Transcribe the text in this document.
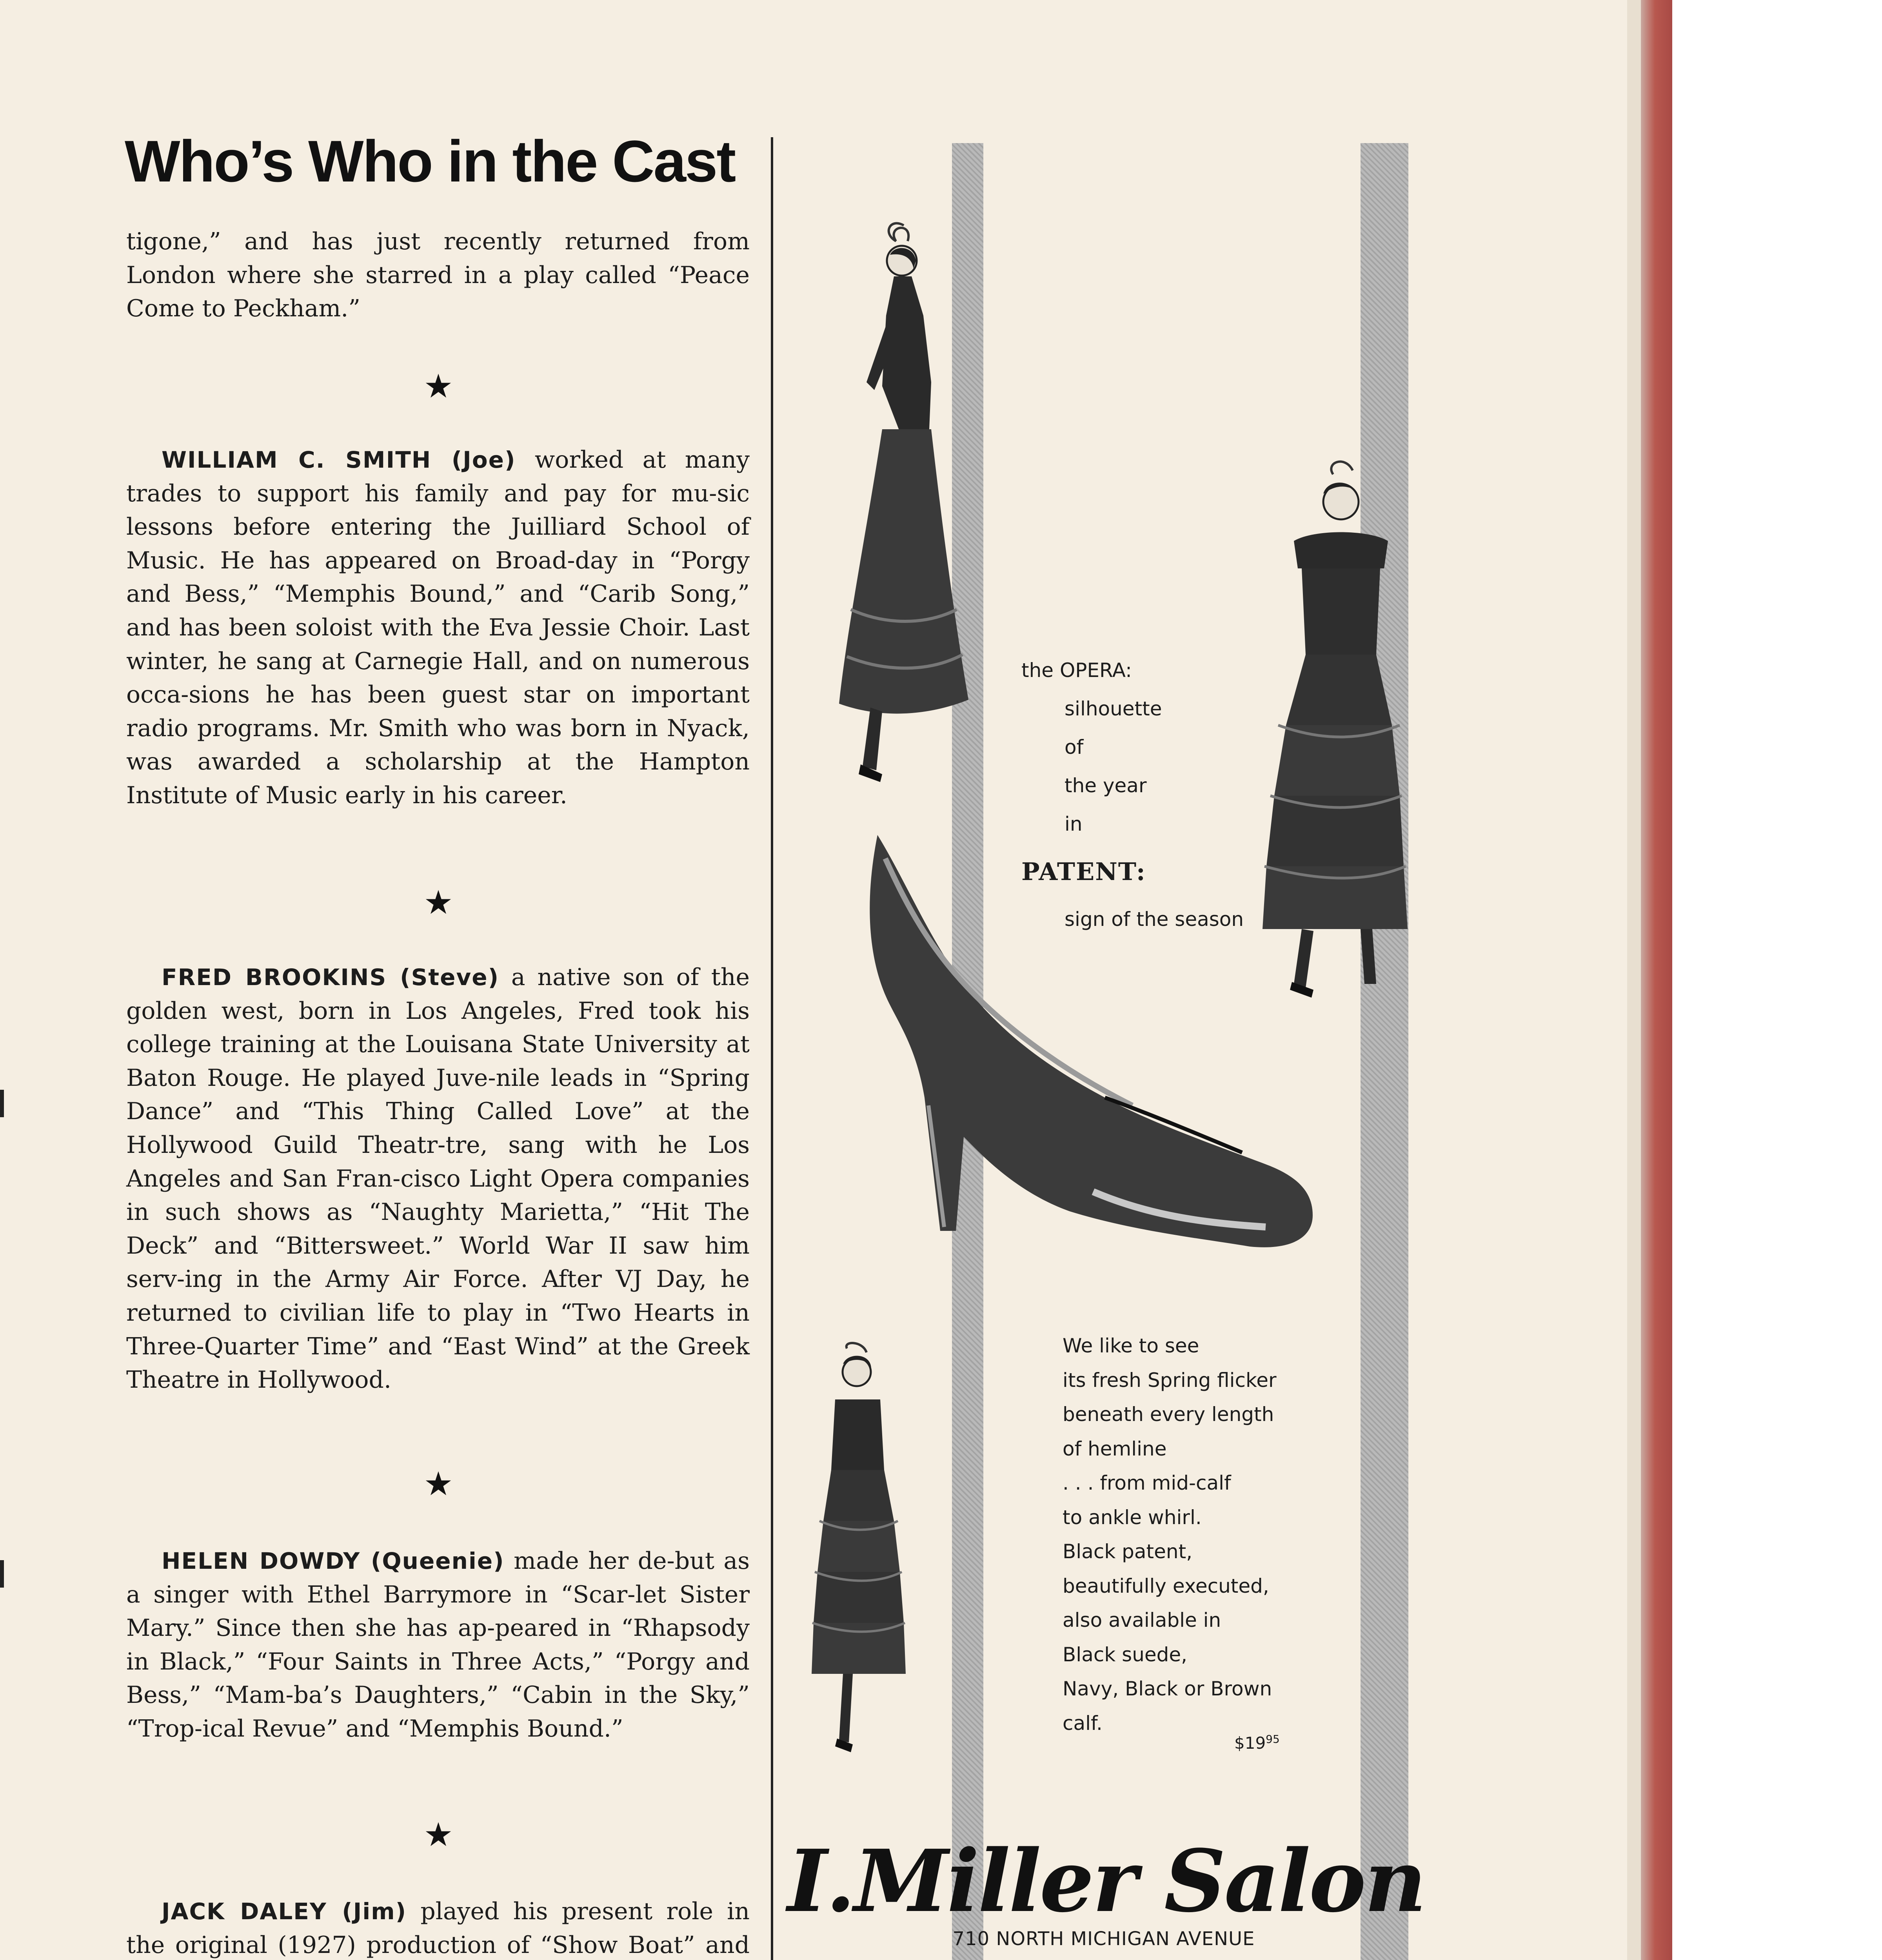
Who’s Who in the Cast

tigone,” and has just recently returned from London where she starred in a play called “Peace Come to Peckham.”

★

WILLIAM C. SMITH (Joe) worked at many trades to support his family and pay for mu-sic lessons before entering the Juilliard School of Music. He has appeared on Broad-day in “Porgy and Bess,” “Memphis Bound,” and “Carib Song,” and has been soloist with the Eva Jessie Choir. Last winter, he sang at Carnegie Hall, and on numerous occa-sions he has been guest star on important radio programs. Mr. Smith who was born in Nyack, was awarded a scholarship at the Hampton Institute of Music early in his career.

★

FRED BROOKINS (Steve) a native son of the golden west, born in Los Angeles, Fred took his college training at the Louisana State University at Baton Rouge. He played Juve-nile leads in “Spring Dance” and “This Thing Called Love” at the Hollywood Guild Theatr-tre, sang with he Los Angeles and San Fran-cisco Light Opera companies in such shows as “Naughty Marietta,” “Hit The Deck” and “Bittersweet.” World War II saw him serv-ing in the Army Air Force. After VJ Day, he returned to civilian life to play in “Two Hearts in Three-Quarter Time” and “East Wind” at the Greek Theatre in Hollywood.

★

HELEN DOWDY (Queenie) made her de-but as a singer with Ethel Barrymore in “Scar-let Sister Mary.” Since then she has ap-peared in “Rhapsody in Black,” “Four Saints in Three Acts,” “Porgy and Bess,” “Mam-ba’s Daughters,” “Cabin in the Sky,” “Trop-ical Revue” and “Memphis Bound.”

★

JACK DALEY (Jim) played his present role in the original (1927) production of “Show Boat” and

the OPERA:
silhouette
of
the year
in
PATENT:
sign of the season
We like to see
its fresh Spring flicker
beneath every length
of hemline
. . . from mid-calf
to ankle whirl.
Black patent,
beautifully executed,
also available in
Black suede,
Navy, Black or Brown
calf.
$\$19^{95}$
I.Miller Salon
710 NORTH MICHIGAN AVENUE
